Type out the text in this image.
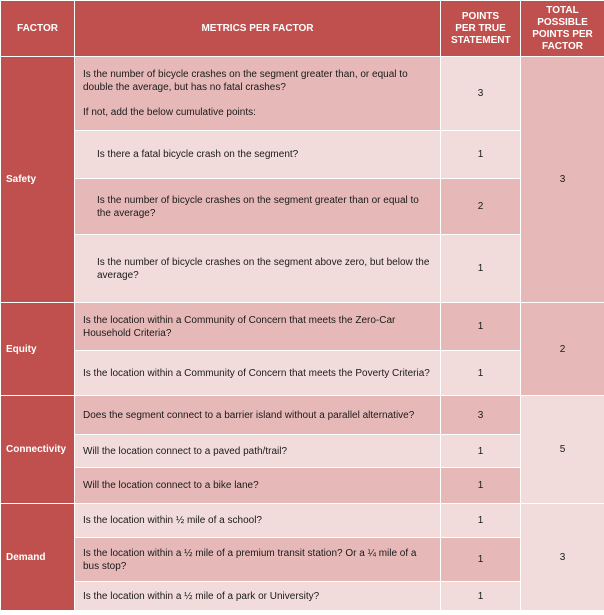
FACTOR	METRICS PER FACTOR	POINTS PER TRUE STATEMENT	TOTAL POSSIBLE POINTS PER FACTOR
Safety	Is the number of bicycle crashes on the segment greater than, or equal to double the average, but has no fatal crashes?
If not, add the below cumulative points:	3	3
	Is there a fatal bicycle crash on the segment?	1	
	Is the number of bicycle crashes on the segment greater than or equal to the average?	2	
	Is the number of bicycle crashes on the segment above zero, but below the average?	1	
Equity	Is the location within a Community of Concern that meets the Zero-Car Household Criteria?	1	2
	Is the location within a Community of Concern that meets the Poverty Criteria?	1	
Connectivity	Does the segment connect to a barrier island without a parallel alternative?	3	5
	Will the location connect to a paved path/trail?	1	
	Will the location connect to a bike lane?	1	
Demand	Is the location within ½ mile of a school?	1	3
	Is the location within a ½ mile of a premium transit station? Or a ¼ mile of a bus stop?	1	
	Is the location within a ½ mile of a park or University?	1	
